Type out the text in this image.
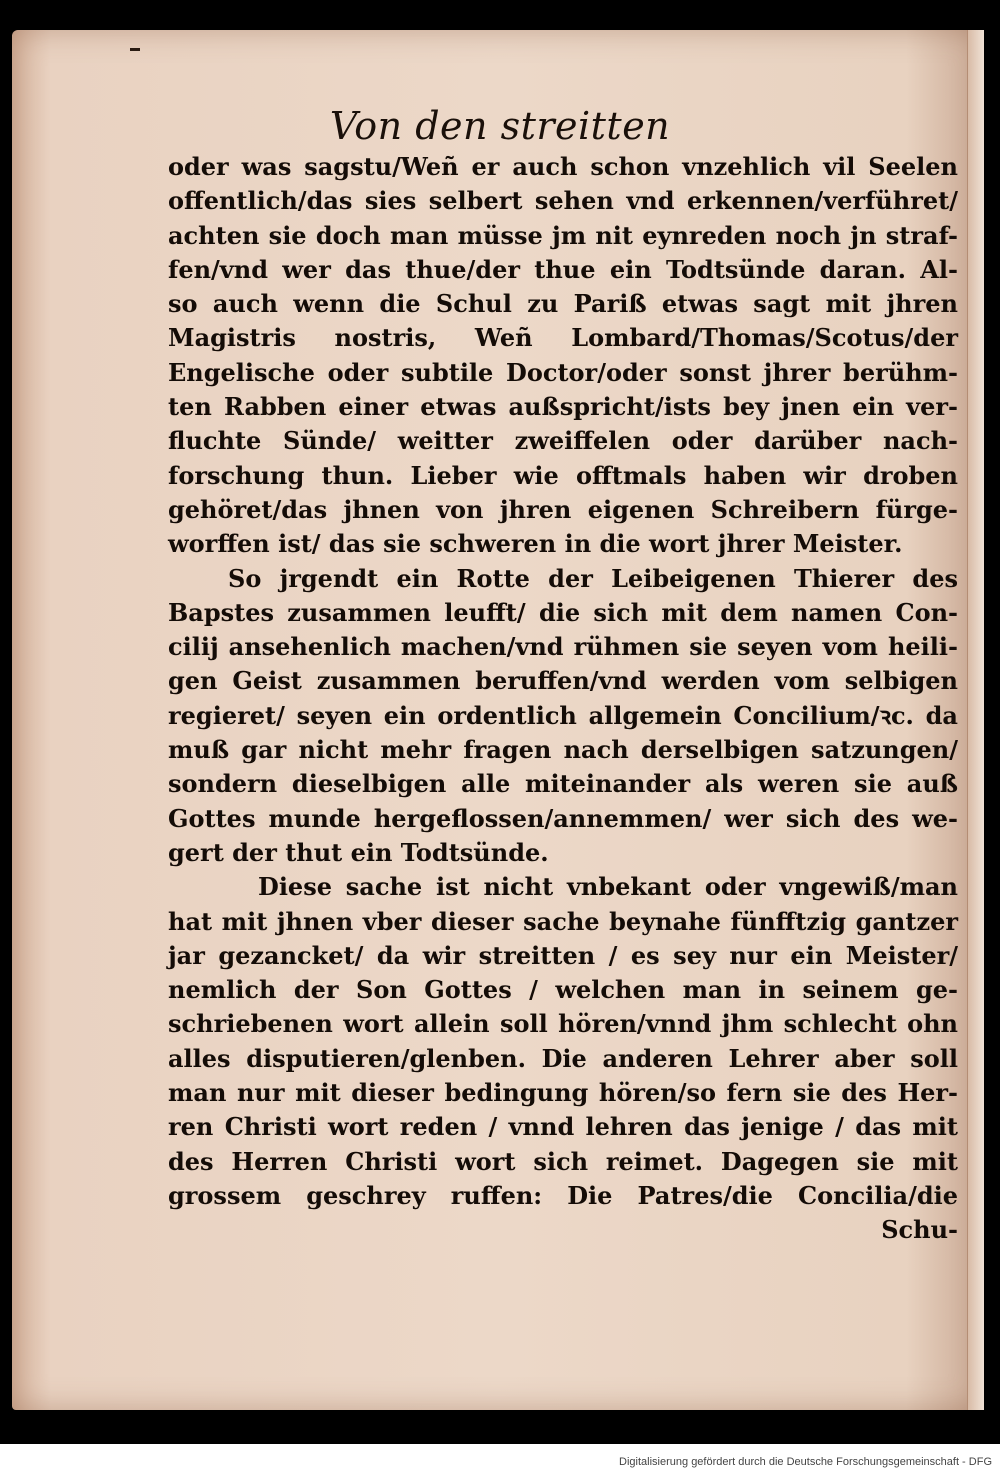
Von den streitten
oder was sagstu/Weñ er auch schon vnzehlich vil Seelen
offentlich/das sies selbert sehen vnd erkennen/verführet/
achten sie doch man müsse jm nit eynreden noch jn straf-
fen/vnd wer das thue/der thue ein Todtsünde daran. Al-
so auch wenn die Schul zu Pariß etwas sagt mit jhren
Magistris nostris, Weñ Lombard/Thomas/Scotus/der
Engelische oder subtile Doctor/oder sonst jhrer berühm-
ten Rabben einer etwas außspricht/ists bey jnen ein ver-
fluchte Sünde/ weitter zweiffelen oder darüber nach-
forschung thun. Lieber wie offtmals haben wir droben
gehöret/das jhnen von jhren eigenen Schreibern fürge-
worffen ist/ das sie schweren in die wort jhrer Meister.
So jrgendt ein Rotte der Leibeigenen Thierer des
Bapstes zusammen leufft/ die sich mit dem namen Con-
cilij ansehenlich machen/vnd rühmen sie seyen vom heili-
gen Geist zusammen beruffen/vnd werden vom selbigen
regieret/ seyen ein ordentlich allgemein Concilium/ꝛc. da
muß gar nicht mehr fragen nach derselbigen satzungen/
sondern dieselbigen alle miteinander als weren sie auß
Gottes munde hergeflossen/annemmen/ wer sich des we-
gert der thut ein Todtsünde.
Diese sache ist nicht vnbekant oder vngewiß/man
hat mit jhnen vber dieser sache beynahe fünfftzig gantzer
jar gezancket/ da wir streitten / es sey nur ein Meister/
nemlich der Son Gottes / welchen man in seinem ge-
schriebenen wort allein soll hören/vnnd jhm schlecht ohn
alles disputieren/glenben. Die anderen Lehrer aber soll
man nur mit dieser bedingung hören/so fern sie des Her-
ren Christi wort reden / vnnd lehren das jenige / das mit
des Herren Christi wort sich reimet. Dagegen sie mit
grossem geschrey ruffen: Die Patres/die Concilia/die
Schu-
Digitalisierung gefördert durch die Deutsche Forschungsgemeinschaft - DFG
